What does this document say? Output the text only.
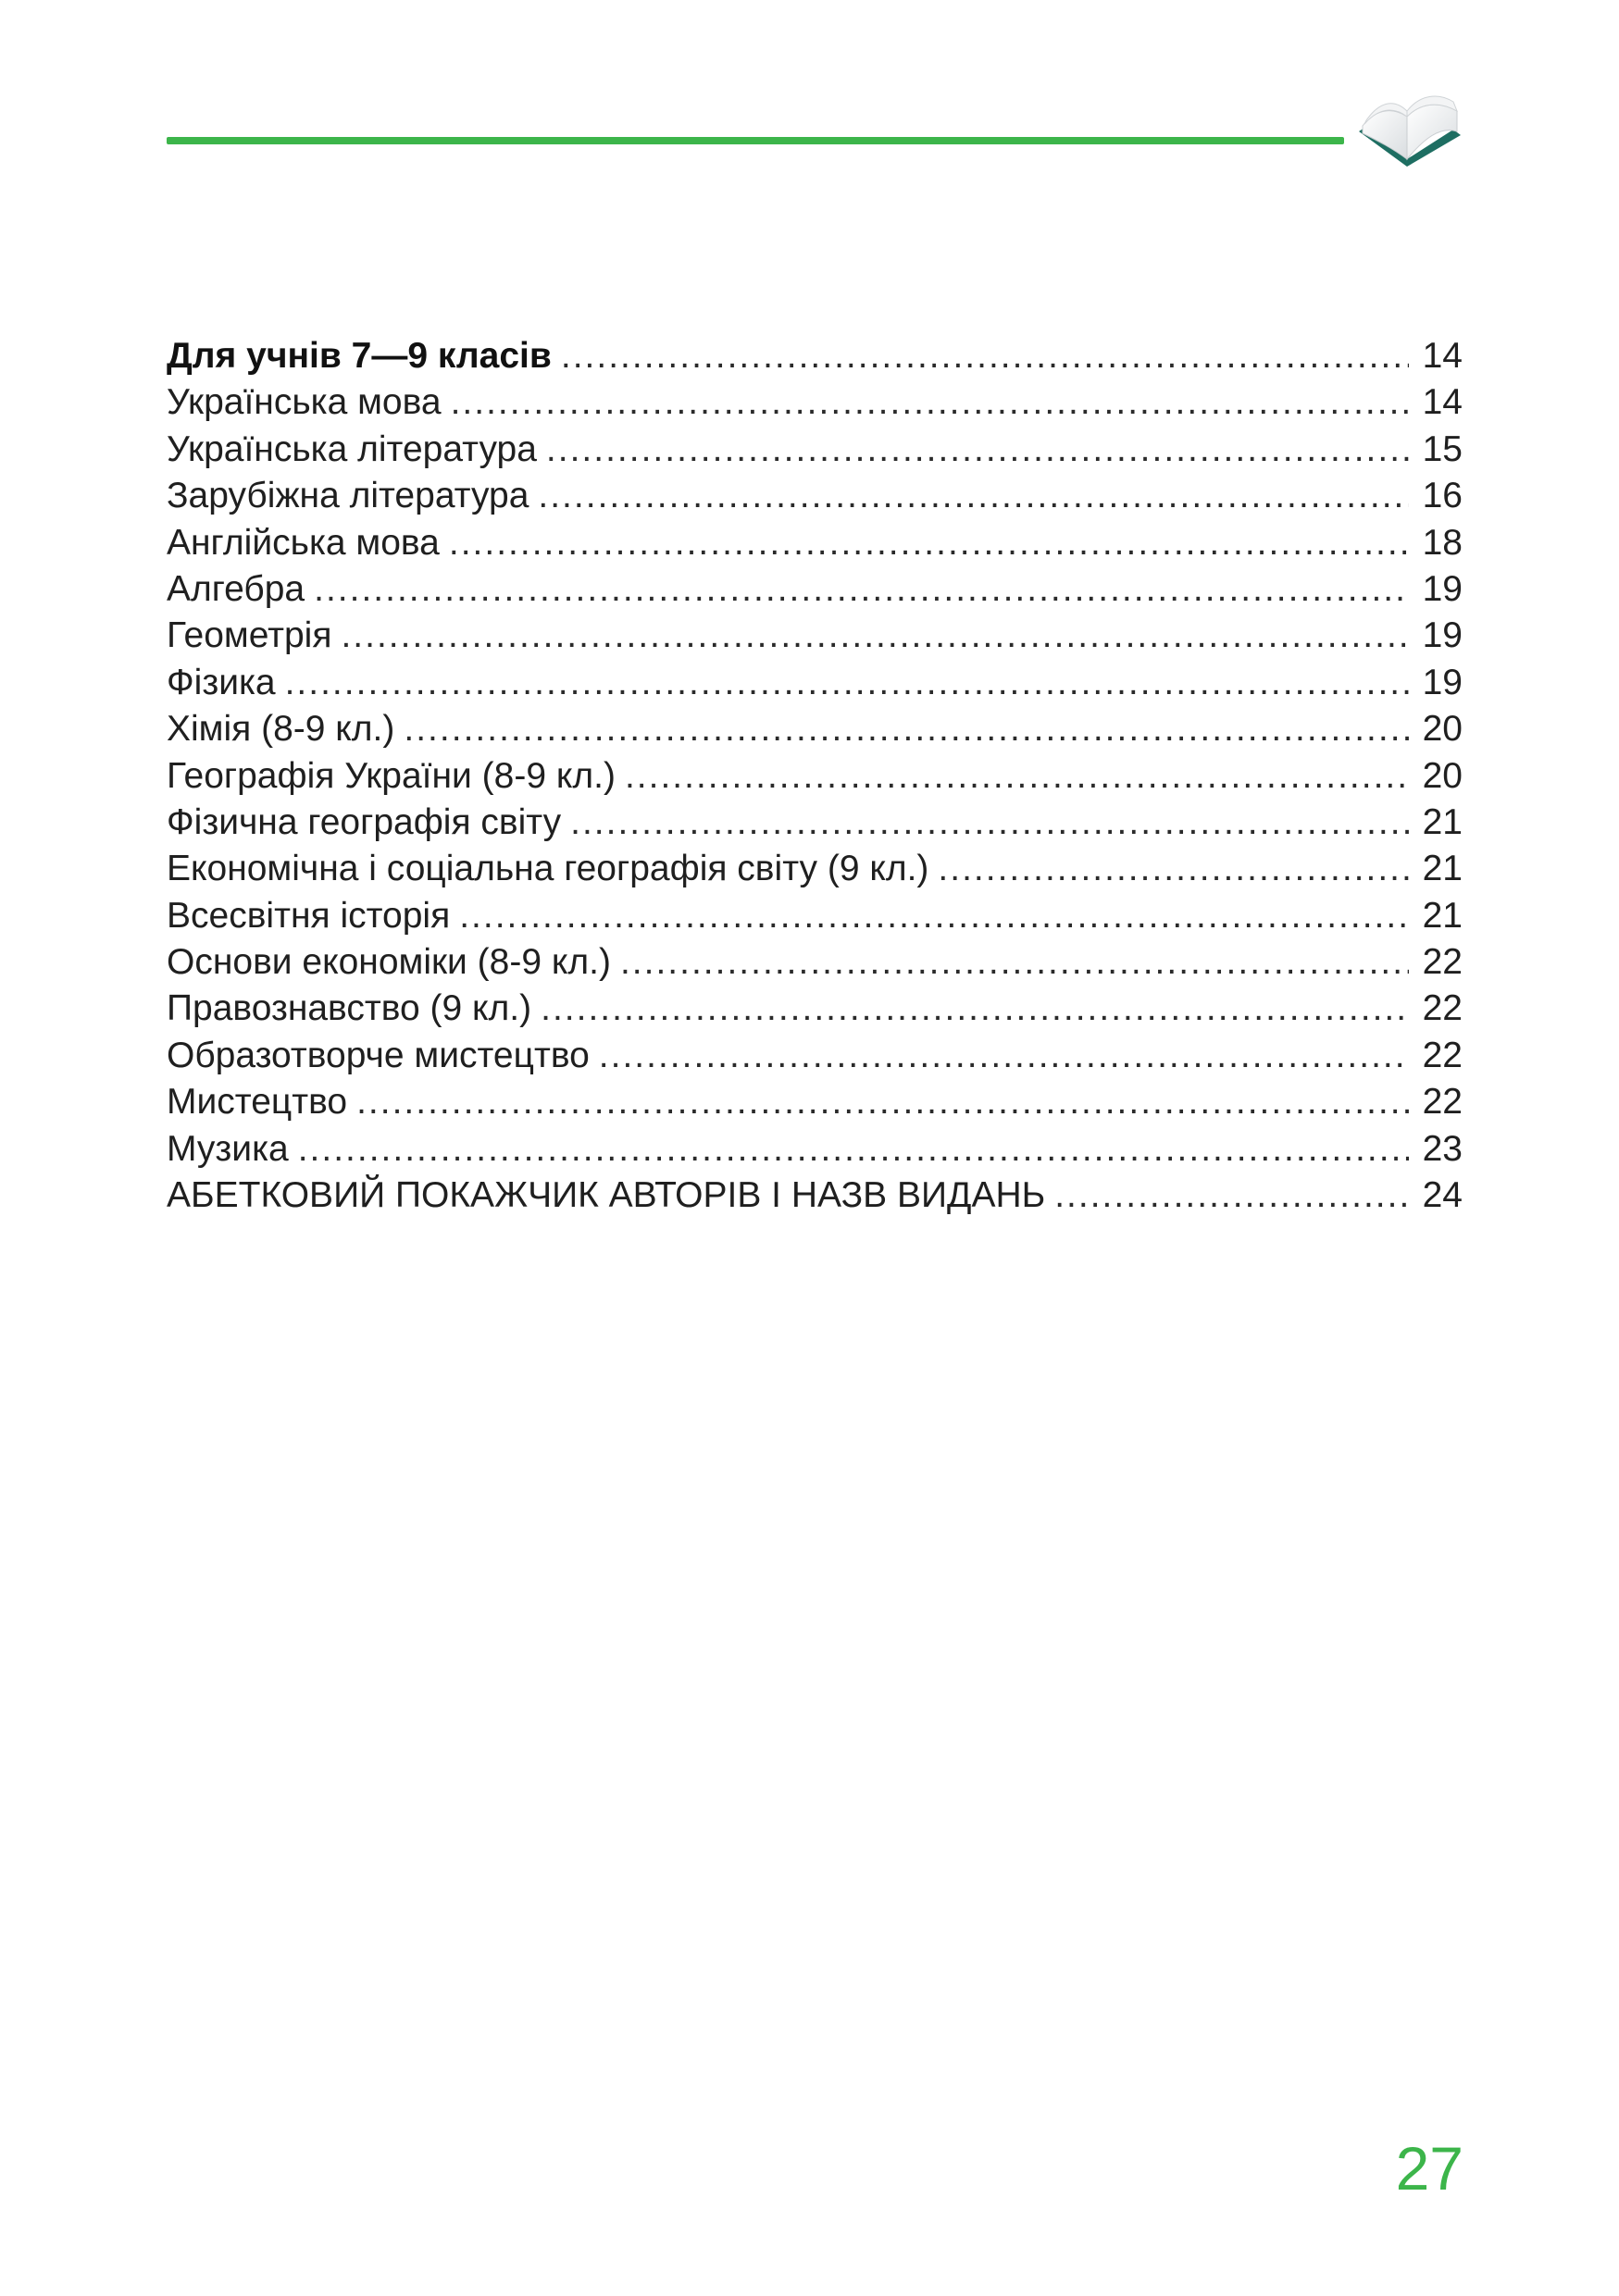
Для учнів 7—9 класів .....	14
Українська мова .....	14
Українська література .....	15
Зарубіжна література .....	16
Англійська мова .....	18
Алгебра .....	19
Геометрія .....	19
Фізика .....	19
Хімія (8-9 кл.) .....	20
Географія України (8-9 кл.) .....	20
Фізична географія світу .....	21
Економічна і соціальна географія світу (9 кл.) .....	21
Всесвітня історія .....	21
Основи економіки (8-9 кл.) .....	22
Правознавство (9 кл.) .....	22
Образотворче мистецтво .....	22
Мистецтво .....	22
Музика .....	23
АБЕТКОВИЙ ПОКАЖЧИК АВТОРІВ І НАЗВ ВИДАНЬ .....	24
27
